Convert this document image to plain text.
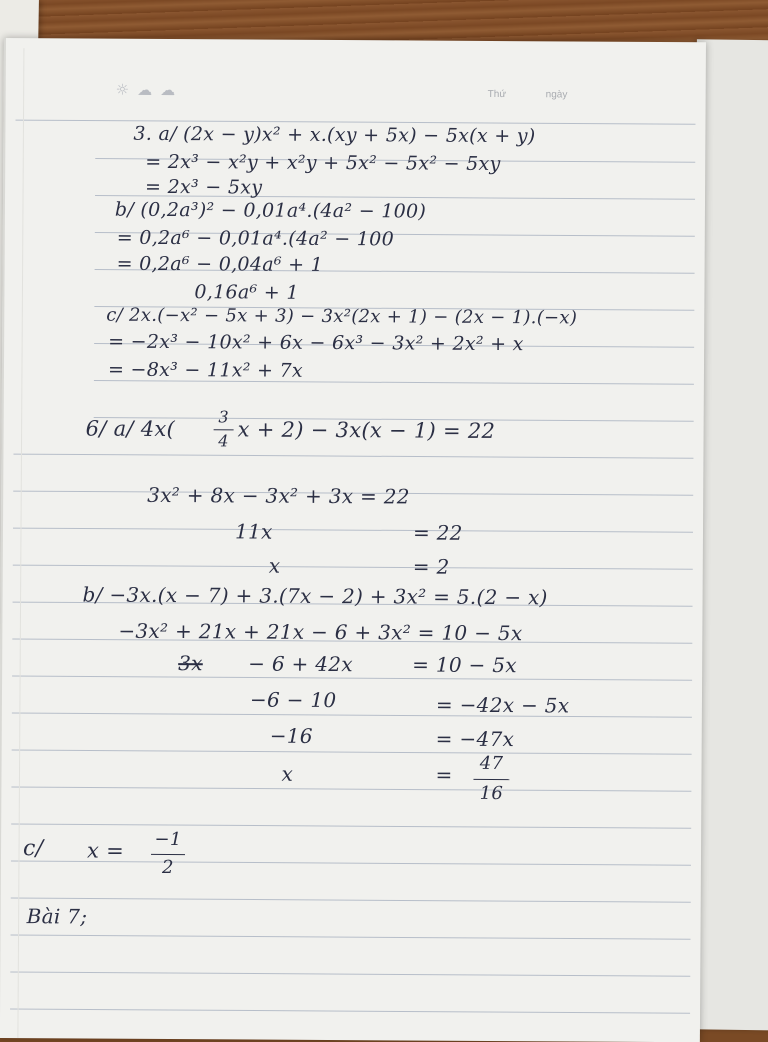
☼ ☁ ☁	Thứ	ngày
3. a/ (2x − y)x² + x.(xy + 5x) − 5x(x + y)
= 2x³ − x²y + x²y + 5x² − 5x² − 5xy
= 2x³ − 5xy
b/ (0,2a³)² − 0,01a⁴.(4a² − 100)
= 0,2a⁶ − 0,01a⁴.(4a² − 100
= 0,2a⁶ − 0,04a⁶ + 1
0,16a⁶ + 1
c/ 2x.(−x² − 5x + 3) − 3x²(2x + 1) − (2x − 1).(−x)
= −2x³ − 10x² + 6x − 6x³ − 3x² + 2x² + x
= −8x³ − 11x² + 7x
6/ a/ 4x(	3
4 x + 2) − 3x(x − 1) = 22
3x² + 8x − 3x² + 3x = 22
11x	= 22
x	= 2
b/ −3x.(x − 7) + 3.(7x − 2) + 3x² = 5.(2 − x)
−3x² + 21x + 21x − 6 + 3x² = 10 − 5x
3x − 6 + 42x	= 10 − 5x
−6 − 10	= −42x − 5x
−16	= −47x
x	=	47
16
c/ x = −1
2
Bài 7;
